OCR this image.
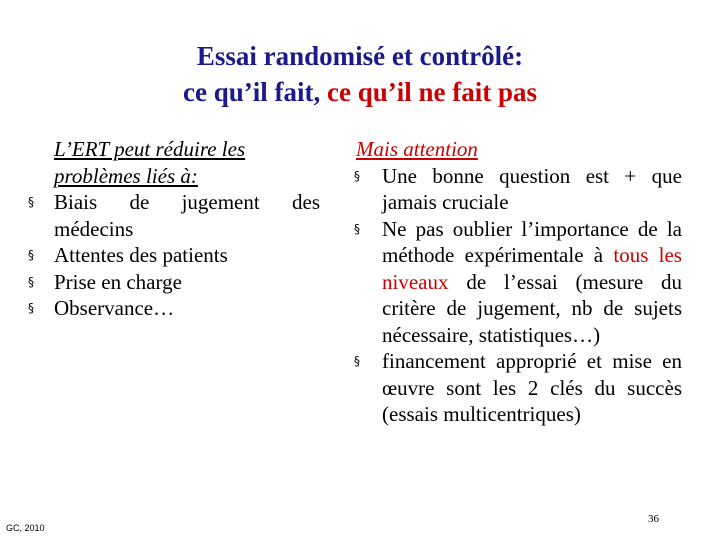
Essai randomisé et contrôlé:
ce qu’il fait, ce qu’il ne fait pas
L’ERT peut réduire les problèmes liés à:
§ Biais de jugement des médecins
§ Attentes des patients
§ Prise en charge
§ Observance…
Mais attention
§ Une bonne question est + que jamais cruciale
§ Ne pas oublier l’importance de la méthode expérimentale à tous les niveaux de l’essai (mesure du critère de jugement, nb de sujets nécessaire, statistiques…)
§ financement approprié et mise en œuvre sont les 2 clés du succès (essais multicentriques)
GC, 2010
36
